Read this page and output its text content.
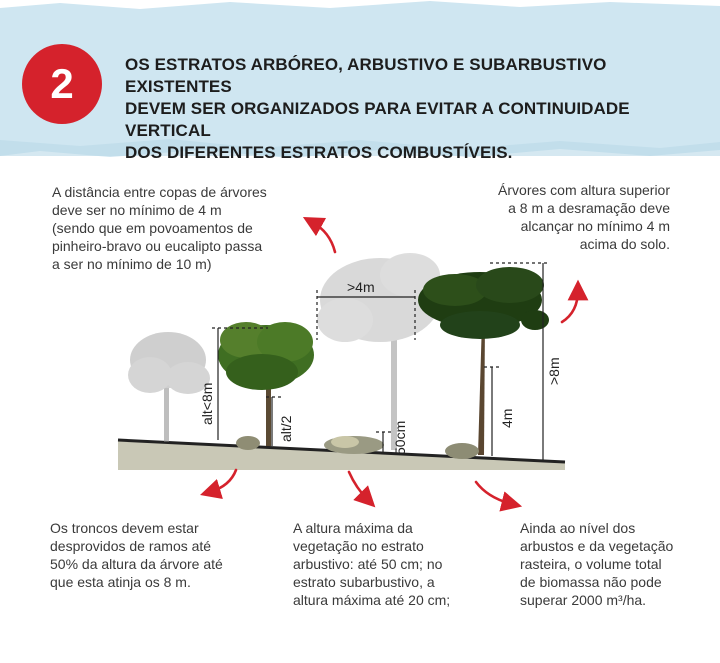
2	OS ESTRATOS ARBÓREO, ARBUSTIVO E SUBARBUSTIVO EXISTENTES
DEVEM SER ORGANIZADOS PARA EVITAR A CONTINUIDADE VERTICAL
DOS DIFERENTES ESTRATOS COMBUSTÍVEIS.
>4m
alt<8m
alt/2	50cm
4m
>8m

A distância entre copas de árvores
deve ser no mínimo de 4 m
(sendo que em povoamentos de
pinheiro-bravo ou eucalipto passa
a ser no mínimo de 10 m)

Árvores com altura superior
a 8 m a desramação deve
alcançar no mínimo 4 m
acima do solo.

Os troncos devem estar
desprovidos de ramos até
50% da altura da árvore até
que esta atinja os 8 m.

A altura máxima da
vegetação no estrato
arbustivo: até 50 cm; no
estrato subarbustivo, a
altura máxima até 20 cm;

Ainda ao nível dos
arbustos e da vegetação
rasteira, o volume total
de biomassa não pode
superar 2000 m³/ha.
